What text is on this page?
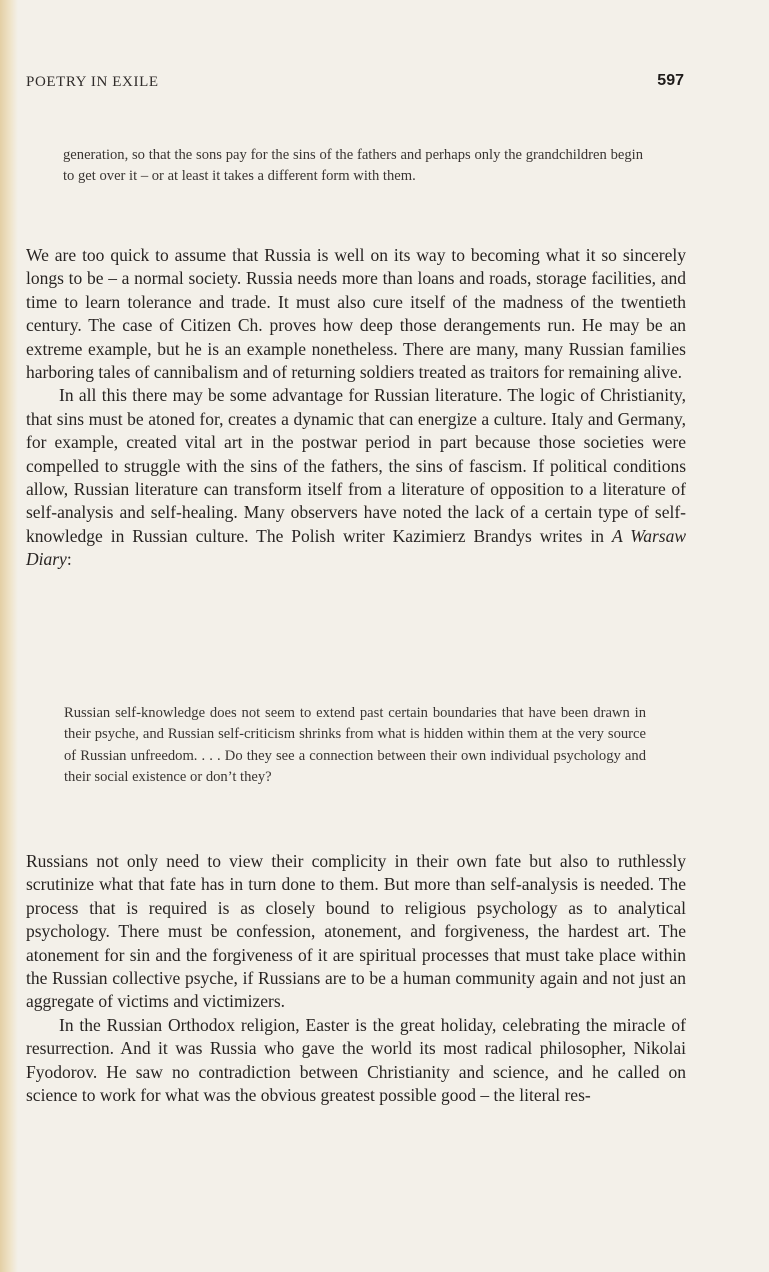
POETRY IN EXILE	597
generation, so that the sons pay for the sins of the fathers and perhaps only the grandchildren begin to get over it – or at least it takes a different form with them.

We are too quick to assume that Russia is well on its way to becoming what it so sincerely longs to be – a normal society. Russia needs more than loans and roads, storage facilities, and time to learn tolerance and trade. It must also cure itself of the madness of the twentieth century. The case of Citizen Ch. proves how deep those derangements run. He may be an extreme example, but he is an example nonetheless. There are many, many Russian families harboring tales of cannibalism and of returning soldiers treated as traitors for remaining alive.

In all this there may be some advantage for Russian literature. The logic of Christianity, that sins must be atoned for, creates a dynamic that can energize a culture. Italy and Germany, for example, created vital art in the postwar period in part because those societies were compelled to struggle with the sins of the fathers, the sins of fascism. If political conditions allow, Russian literature can transform itself from a literature of opposition to a literature of self-analysis and self-healing. Many observers have noted the lack of a certain type of self-knowledge in Russian culture. The Polish writer Kazimierz Brandys writes in A Warsaw Diary:

Russian self-knowledge does not seem to extend past certain boundaries that have been drawn in their psyche, and Russian self-criticism shrinks from what is hidden within them at the very source of Russian unfreedom. . . . Do they see a connection between their own individual psychology and their social existence or don’t they?

Russians not only need to view their complicity in their own fate but also to ruthlessly scrutinize what that fate has in turn done to them. But more than self-analysis is needed. The process that is required is as closely bound to religious psychology as to analytical psychology. There must be confession, atonement, and forgiveness, the hardest art. The atonement for sin and the forgiveness of it are spiritual processes that must take place within the Russian collective psyche, if Russians are to be a human community again and not just an aggregate of victims and victimizers.

In the Russian Orthodox religion, Easter is the great holiday, celebrating the miracle of resurrection. And it was Russia who gave the world its most radical philosopher, Nikolai Fyodorov. He saw no contradiction between Christianity and science, and he called on science to work for what was the obvious greatest possible good – the literal res-
